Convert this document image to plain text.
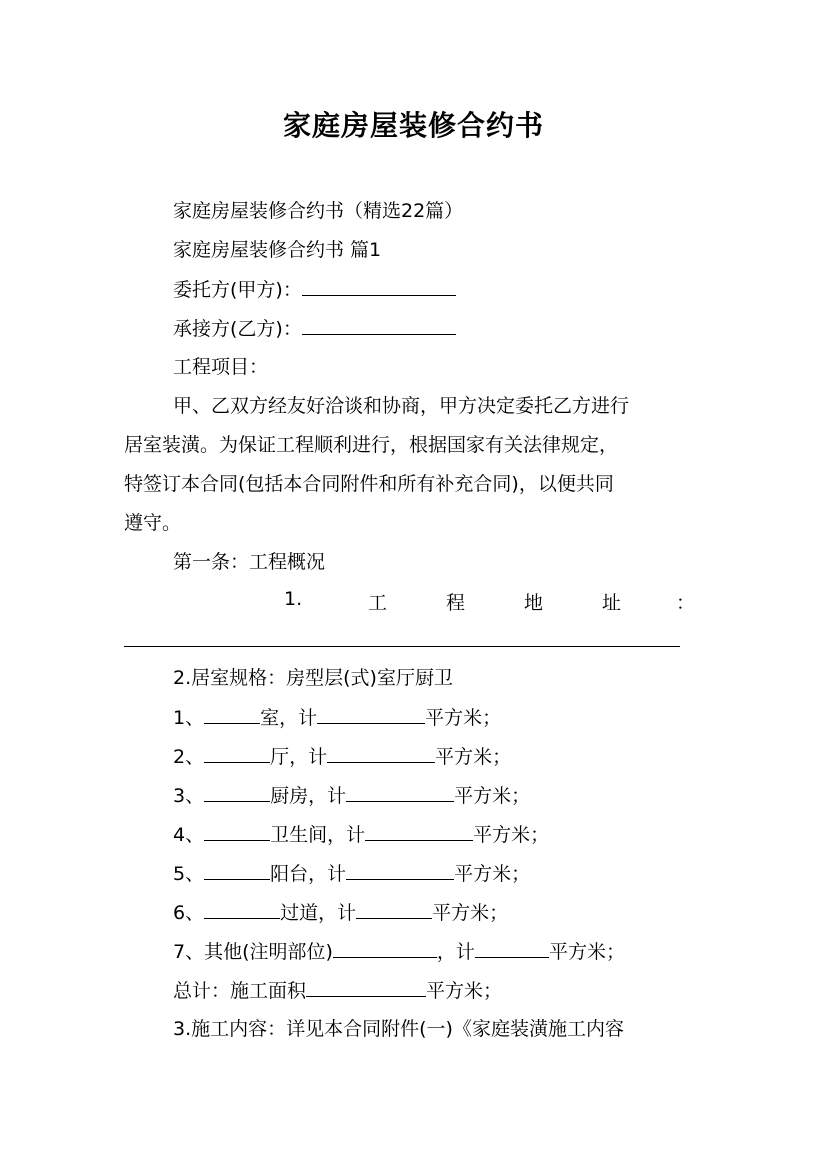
家庭房屋装修合约书
家庭房屋装修合约书（精选22篇）
家庭房屋装修合约书 篇1
委托方(甲方)：
承接方(乙方)：
工程项目：
甲、乙双方经友好洽谈和协商，甲方决定委托乙方进行
居室装潢。为保证工程顺利进行，根据国家有关法律规定，
特签订本合同(包括本合同附件和所有补充合同)，以便共同
遵守。
第一条：工程概况
1.	工	程	地	址	：
2.居室规格：房型层(式)室厅厨卫
1、	室，计	平方米；
2、	厅，计	平方米；
3、	厨房，计	平方米；
4、	卫生间，计	平方米；
5、	阳台，计	平方米；
6、	过道，计	平方米；
7、其他(注明部位)	，计	平方米；
总计：施工面积	平方米；
3.施工内容：详见本合同附件(一)《家庭装潢施工内容
